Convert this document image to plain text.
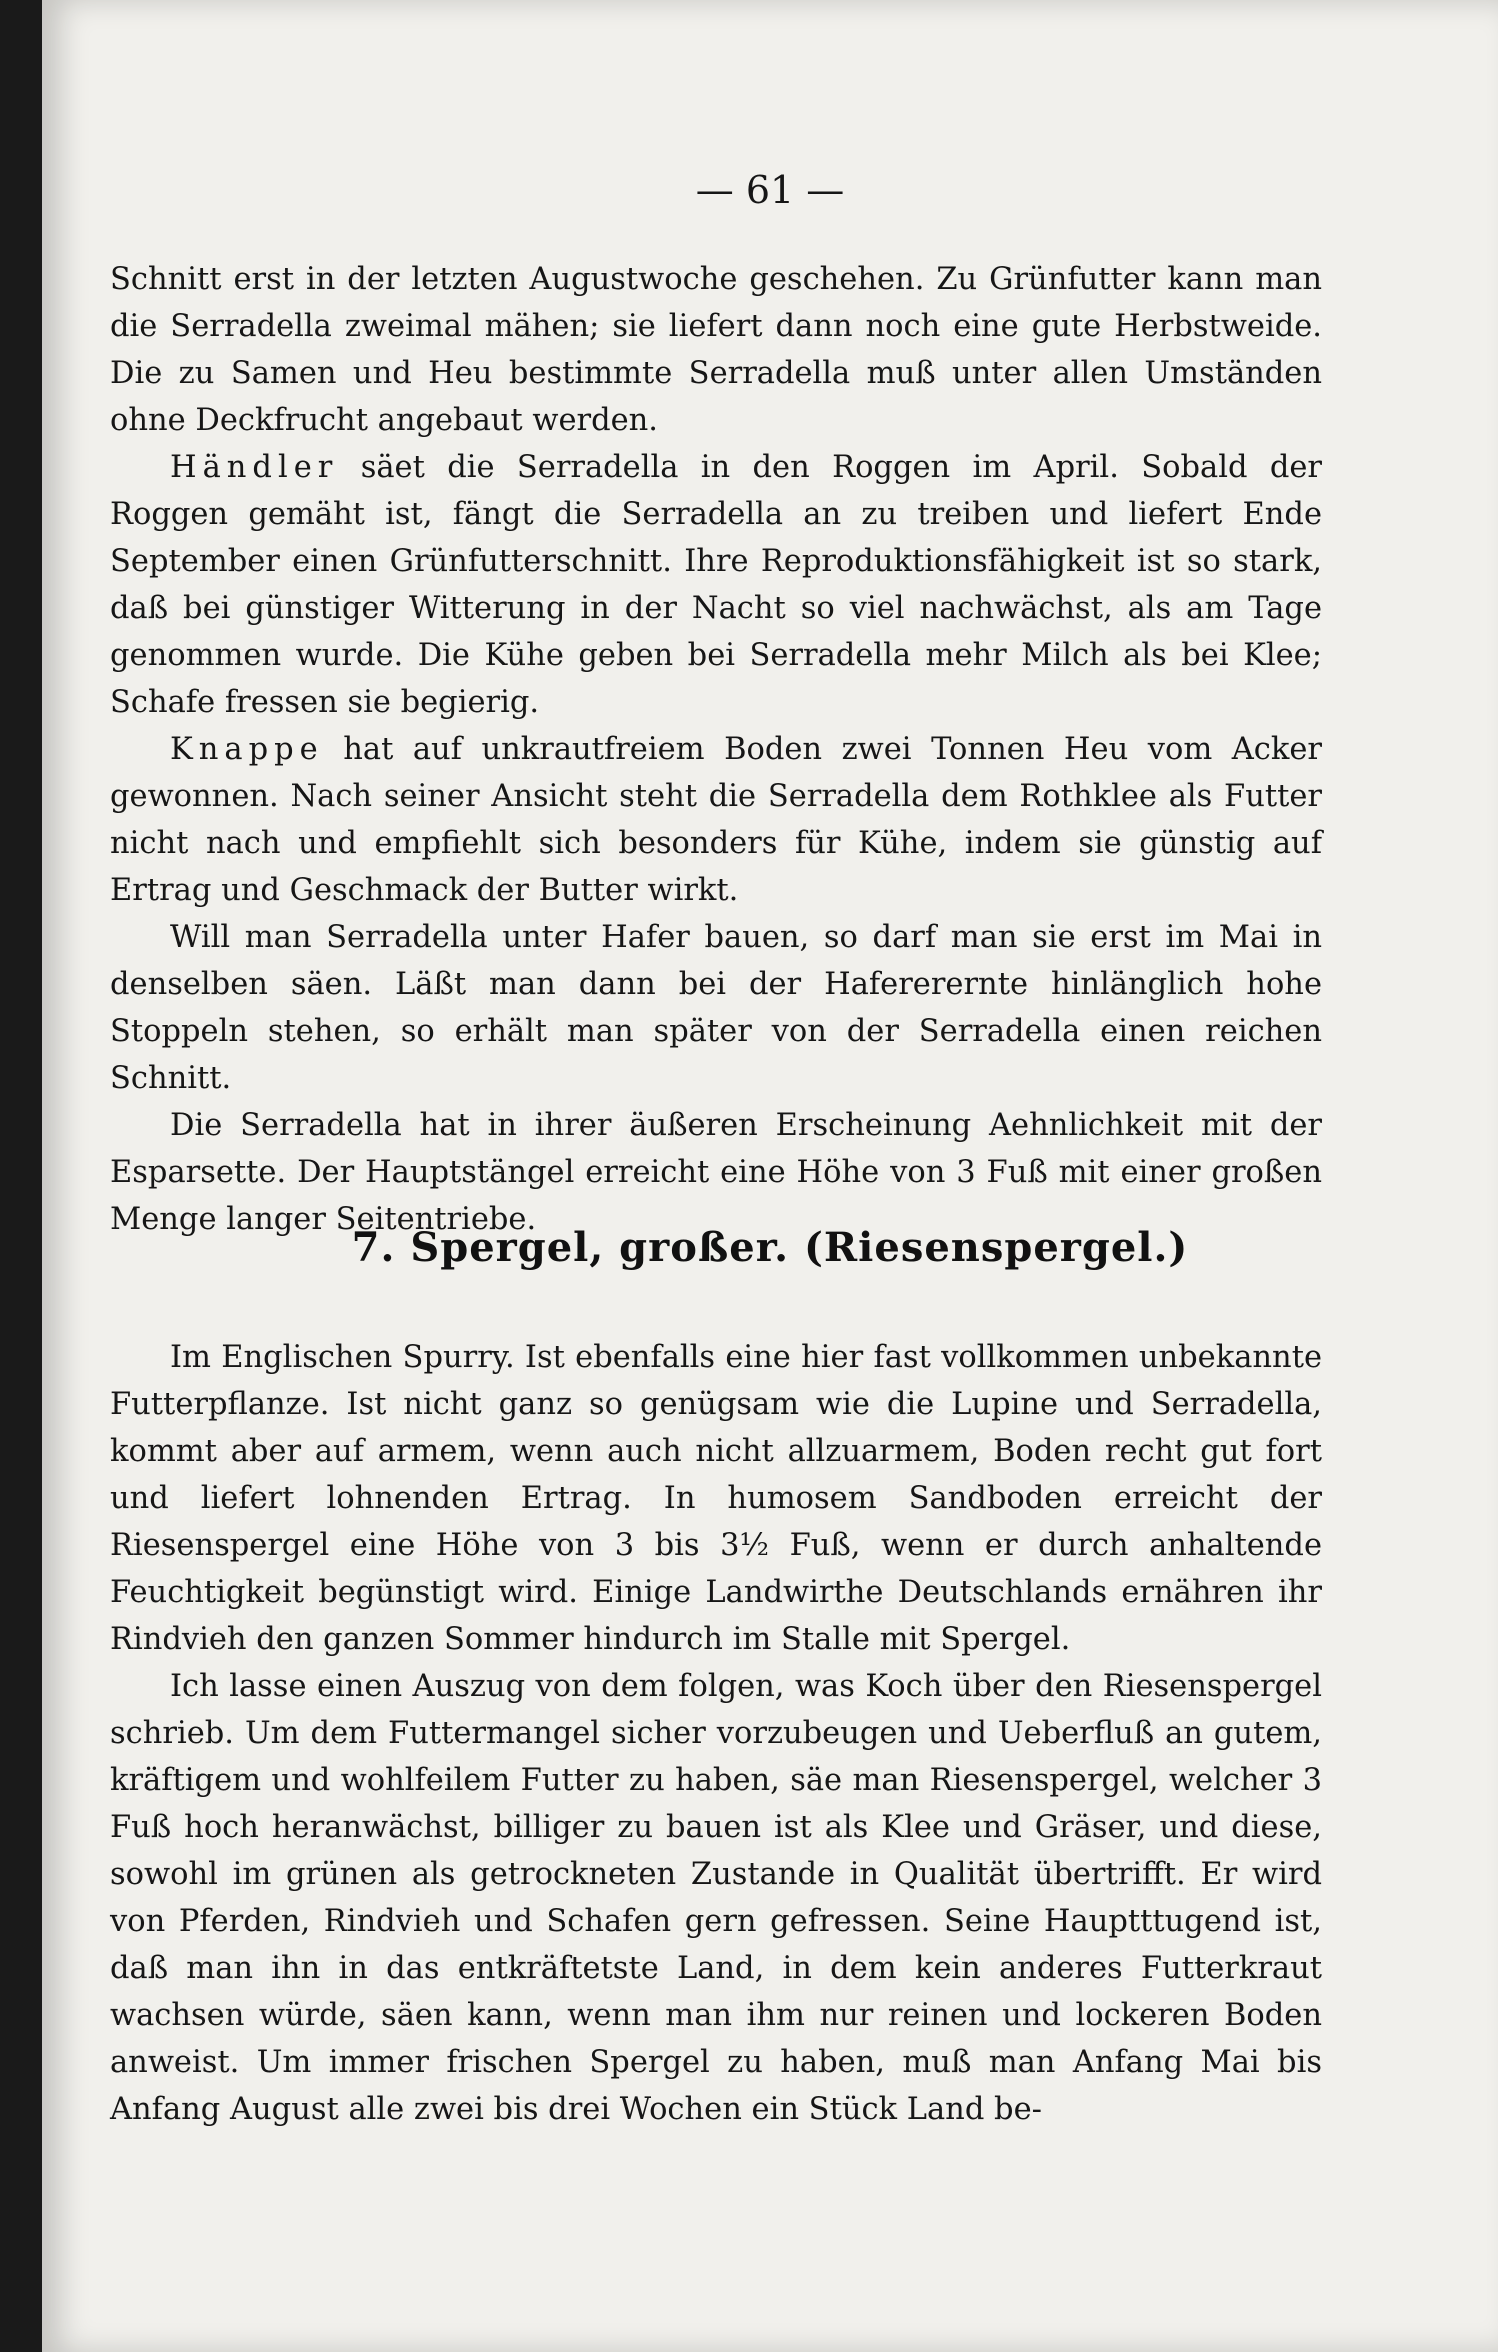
— 61 —

Schnitt erst in der letzten Augustwoche geschehen. Zu Grünfutter kann man die Serradella zweimal mähen; sie liefert dann noch eine gute Herbstweide. Die zu Samen und Heu bestimmte Serradella muß unter allen Umständen ohne Deckfrucht angebaut werden.

Händler säet die Serradella in den Roggen im April. Sobald der Roggen gemäht ist, fängt die Serradella an zu treiben und liefert Ende September einen Grünfutterschnitt. Ihre Reproduktionsfähigkeit ist so stark, daß bei günstiger Witterung in der Nacht so viel nachwächst, als am Tage genommen wurde. Die Kühe geben bei Serradella mehr Milch als bei Klee; Schafe fressen sie begierig.

Knappe hat auf unkrautfreiem Boden zwei Tonnen Heu vom Acker gewonnen. Nach seiner Ansicht steht die Serradella dem Rothklee als Futter nicht nach und empfiehlt sich besonders für Kühe, indem sie günstig auf Ertrag und Geschmack der Butter wirkt.

Will man Serradella unter Hafer bauen, so darf man sie erst im Mai in denselben säen. Läßt man dann bei der Hafererernte hinlänglich hohe Stoppeln stehen, so erhält man später von der Serradella einen reichen Schnitt.

Die Serradella hat in ihrer äußeren Erscheinung Aehnlichkeit mit der Esparsette. Der Hauptstängel erreicht eine Höhe von 3 Fuß mit einer großen Menge langer Seitentriebe.

7. Spergel, großer. (Riesenspergel.)

Im Englischen Spurry. Ist ebenfalls eine hier fast vollkommen unbekannte Futterpflanze. Ist nicht ganz so genügsam wie die Lupine und Serradella, kommt aber auf armem, wenn auch nicht allzuarmem, Boden recht gut fort und liefert lohnenden Ertrag. In humosem Sandboden erreicht der Riesenspergel eine Höhe von 3 bis 3½ Fuß, wenn er durch anhaltende Feuchtigkeit begünstigt wird. Einige Landwirthe Deutschlands ernähren ihr Rindvieh den ganzen Sommer hindurch im Stalle mit Spergel.

Ich lasse einen Auszug von dem folgen, was Koch über den Riesenspergel schrieb. Um dem Futtermangel sicher vorzubeugen und Ueberfluß an gutem, kräftigem und wohlfeilem Futter zu haben, säe man Riesenspergel, welcher 3 Fuß hoch heranwächst, billiger zu bauen ist als Klee und Gräser, und diese, sowohl im grünen als getrockneten Zustande in Qualität übertrifft. Er wird von Pferden, Rindvieh und Schafen gern gefressen. Seine Hauptttugend ist, daß man ihn in das entkräftetste Land, in dem kein anderes Futterkraut wachsen würde, säen kann, wenn man ihm nur reinen und lockeren Boden anweist. Um immer frischen Spergel zu haben, muß man Anfang Mai bis Anfang August alle zwei bis drei Wochen ein Stück Land be-
